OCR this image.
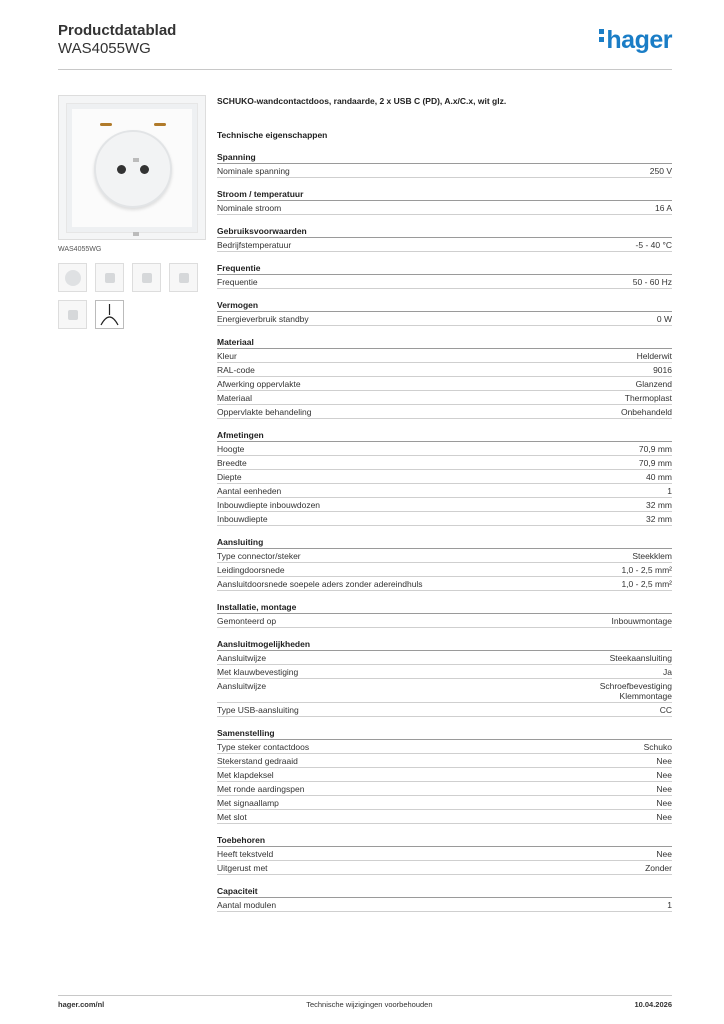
Productdatablad
WAS4055WG	hager
WAS4055WG
SCHUKO-wandcontactdoos, randaarde, 2 x USB C (PD), A.x/C.x, wit glz.
Technische eigenschappen
Spanning
Nominale spanning	250 V
Stroom / temperatuur
Nominale stroom	16 A
Gebruiksvoorwaarden
Bedrijfstemperatuur	-5 - 40 °C
Frequentie
Frequentie	50 - 60 Hz
Vermogen
Energieverbruik standby	0 W
Materiaal
Kleur	Helderwit
RAL-code	9016
Afwerking oppervlakte	Glanzend
Materiaal	Thermoplast
Oppervlakte behandeling	Onbehandeld
Afmetingen
Hoogte	70,9 mm
Breedte	70,9 mm
Diepte	40 mm
Aantal eenheden	1
Inbouwdiepte inbouwdozen	32 mm
Inbouwdiepte	32 mm
Aansluiting
Type connector/steker	Steekklem
Leidingdoorsnede	1,0 - 2,5 mm²
Aansluitdoorsnede soepele aders zonder adereindhuls	1,0 - 2,5 mm²
Installatie, montage
Gemonteerd op	Inbouwmontage
Aansluitmogelijkheden
Aansluitwijze	Steekaansluiting
Met klauwbevestiging	Ja
Aansluitwijze	Schroefbevestiging
Klemmontage
Type USB-aansluiting	CC
Samenstelling
Type steker contactdoos	Schuko
Stekerstand gedraaid	Nee
Met klapdeksel	Nee
Met ronde aardingspen	Nee
Met signaallamp	Nee
Met slot	Nee
Toebehoren
Heeft tekstveld	Nee
Uitgerust met	Zonder
Capaciteit
Aantal modulen	1
hager.com/nl	Technische wijzigingen voorbehouden	10.04.2026
